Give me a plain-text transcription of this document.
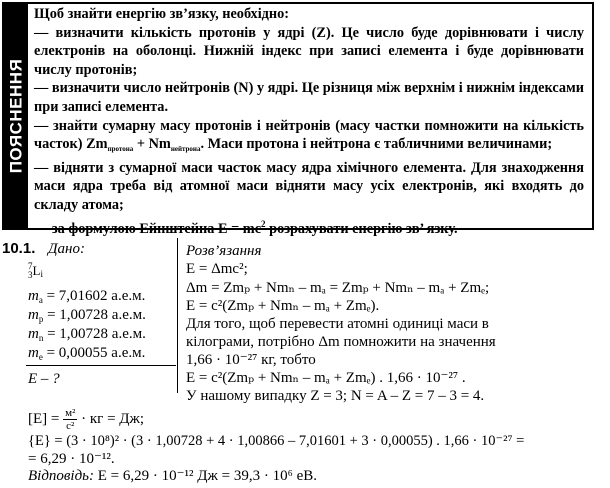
ПОЯСНЕННЯ

Щоб знайти енергію зв’язку, необхідно:

— визначити кількість протонів у ядрі (Z). Це число буде дорівнювати і числу електронів на оболонці. Нижній індекс при записі елемента і буде дорівнювати числу протонів;

— визначити число нейтронів (N) у ядрі. Це різниця між верхнім і нижнім індексами при записі елемента.

— знайти сумарну масу протонів і нейтронів (масу частки помножити на кількість часток) $Zm_{протона} + Nm_{нейтрона}$. Маси протона і нейтрона є табличними величинами;

— відняти з сумарної маси часток масу ядра хімічного елемента. Для знаходження маси ядра треба від атомної маси відняти масу усіх електронів, які входять до складу атома;

— за формулою Ейнштейна $E = mc^2$ розрахувати енергію зв’ язку.

10.1. Дано:
7
3 $L_i$
$m_а = 7,01602$ а.е.м.
$m_p = 1,00728$ а.е.м.
$m_n = 1,00728$ а.е.м.
$m_e = 0,00055$ а.е.м.
E – ?
Розв’язання
E = Δmc²;
Δm = Zmₚ + Nmₙ – mₐ = Zmₚ + Nmₙ – mₐ + Zmₑ;
E = c²(Zmₚ + Nmₙ – mₐ + Zmₑ).
Для того, щоб перевести атомні одиниці маси в
кілограми, потрібно Δm помножити на значення
1,66 · 10⁻²⁷ кг, тобто
E = c²(Zmₚ + Nmₙ – mₐ + Zmₑ) . 1,66 · 10⁻²⁷ .
У нашому випадку Z = 3; N = A – Z = 7 – 3 = 4.
$[E] = \frac{\text{м²}}{\text{с²}}$ · кг = Дж;
{E} = (3 · 10⁸)² · (3 · 1,00728 + 4 · 1,00866 – 7,01601 + 3 · 0,00055) . 1,66 · 10⁻²⁷ =
= 6,29 · 10⁻¹².
Відповідь: E = 6,29 · 10⁻¹² Дж = 39,3 · 10⁶ еВ.
